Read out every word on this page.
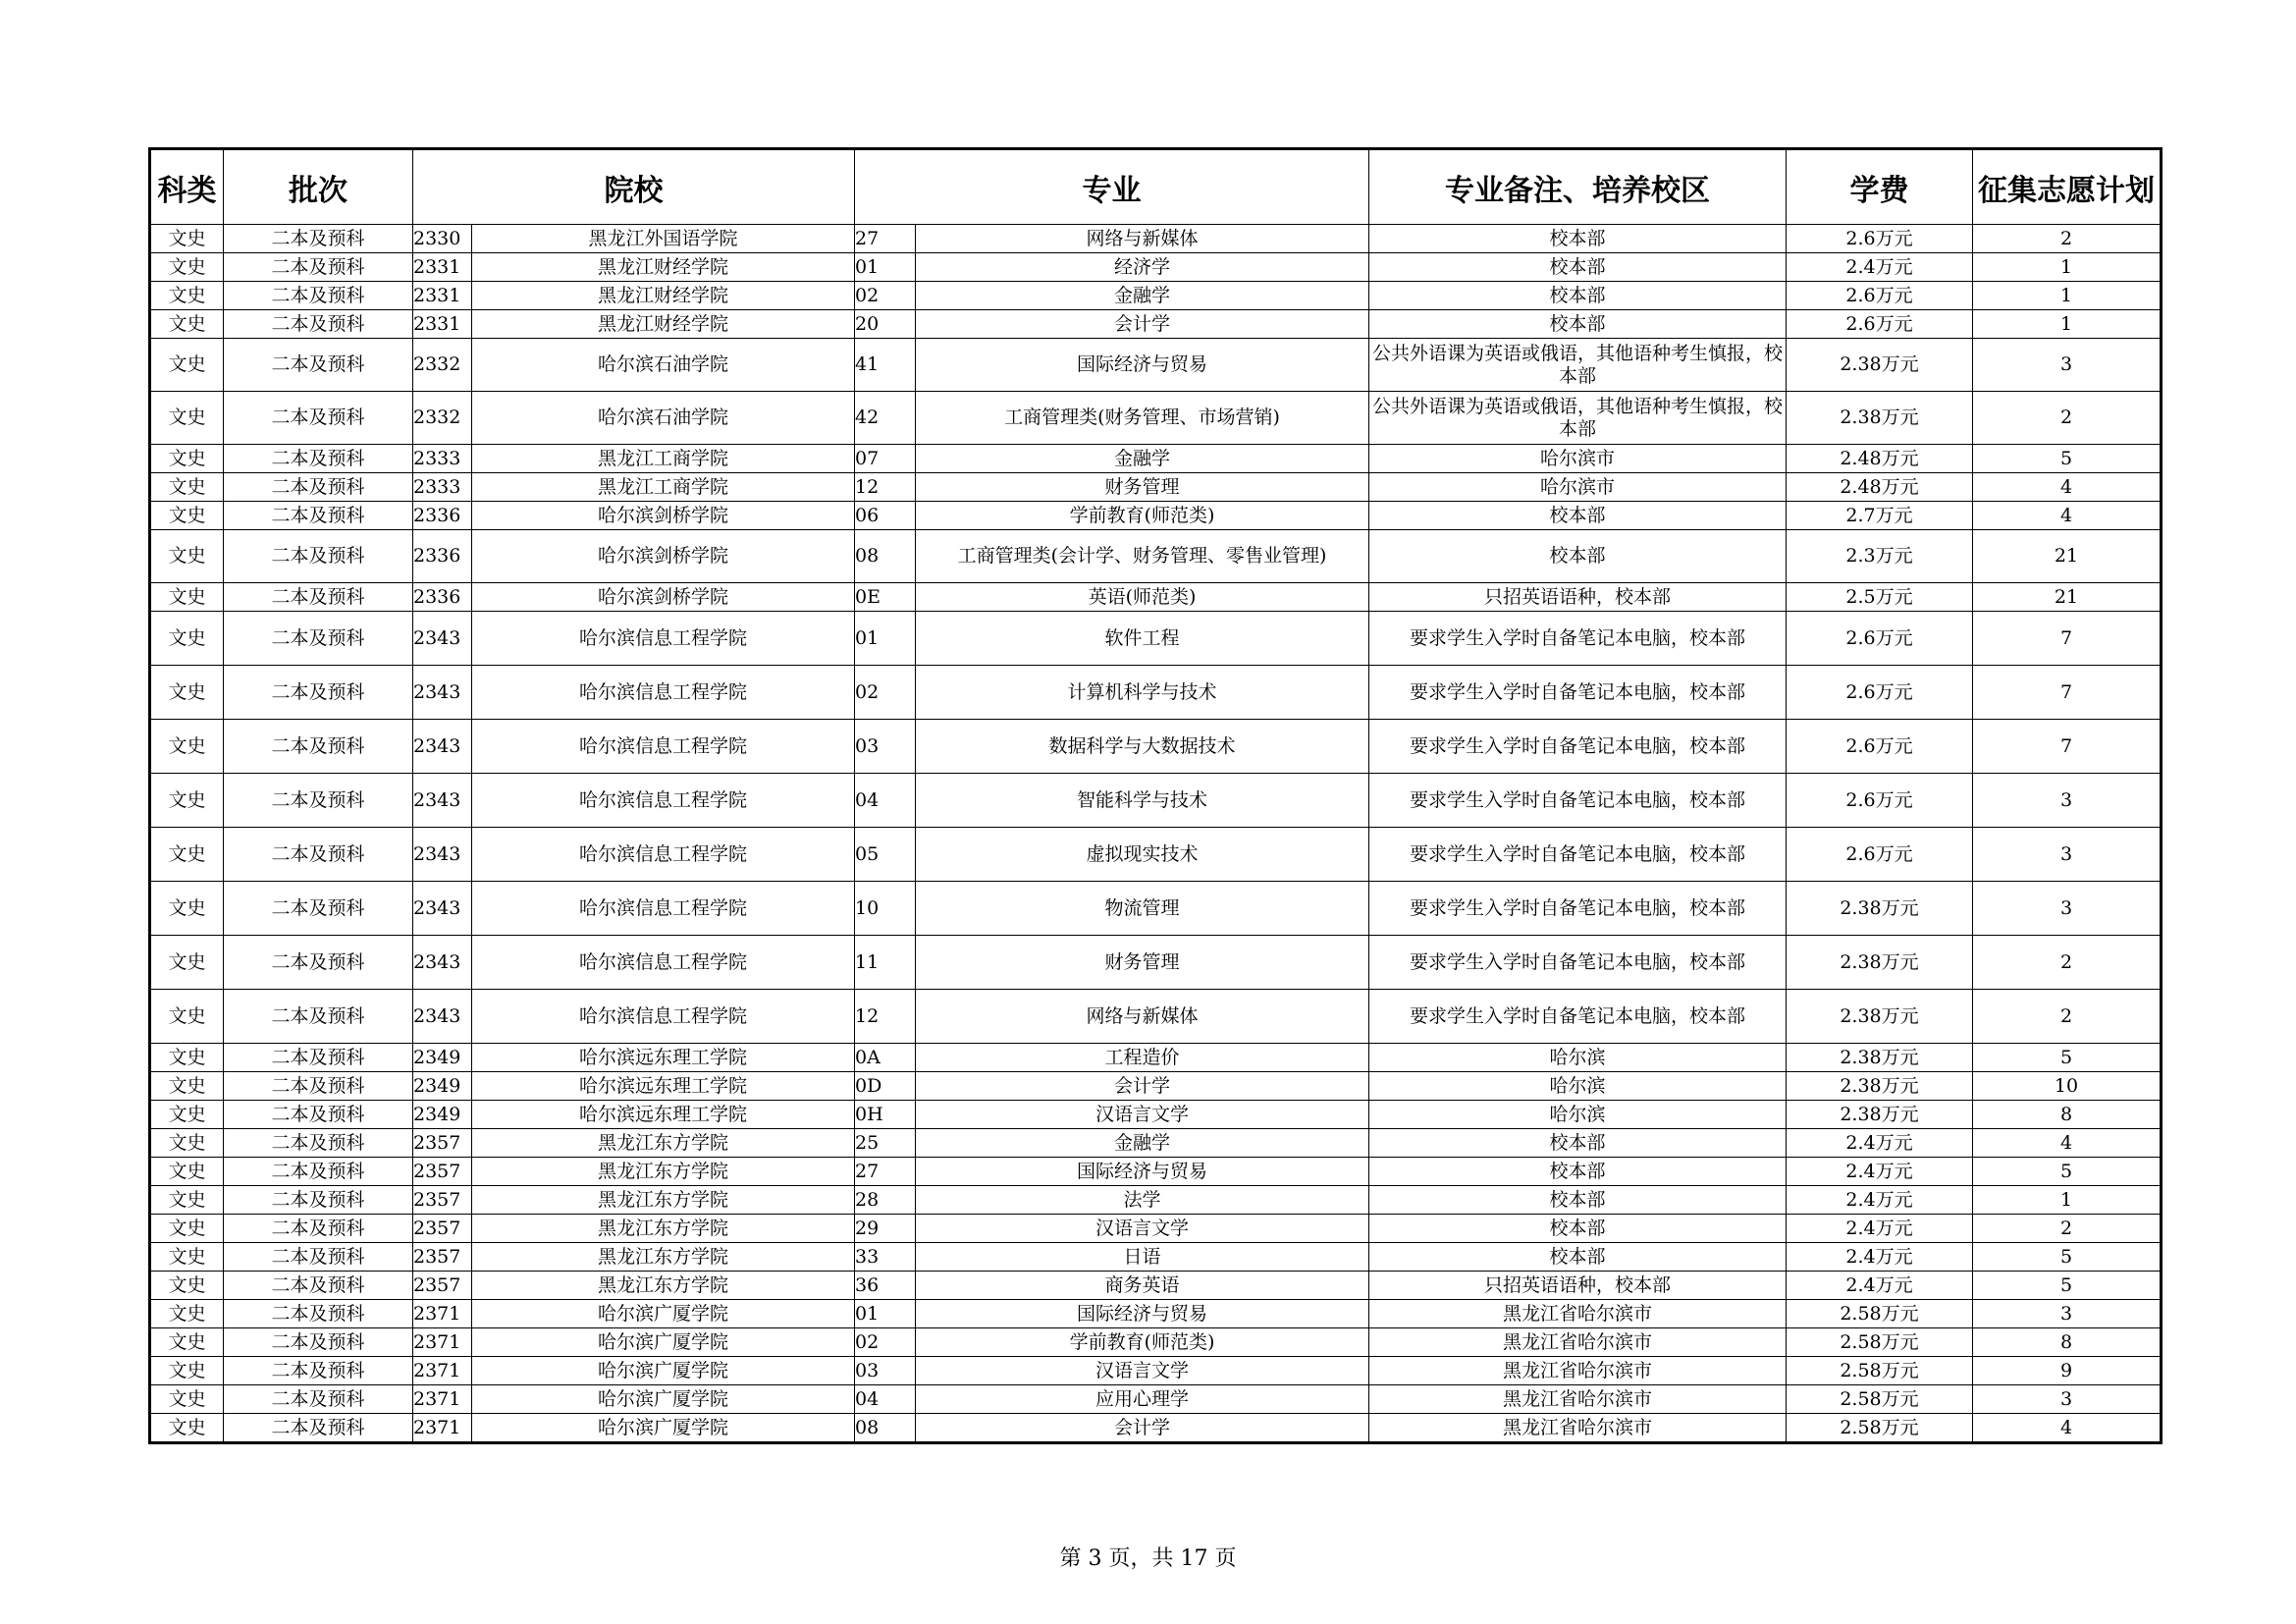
科类	批次	院校		专业		专业备注、培养校区	学费	征集志愿计划
文史	二本及预科	2330	黑龙江外国语学院	27	网络与新媒体	校本部	2.6万元	2
文史	二本及预科	2331	黑龙江财经学院	01	经济学	校本部	2.4万元	1
文史	二本及预科	2331	黑龙江财经学院	02	金融学	校本部	2.6万元	1
文史	二本及预科	2331	黑龙江财经学院	20	会计学	校本部	2.6万元	1
文史	二本及预科	2332	哈尔滨石油学院	41	国际经济与贸易	公共外语课为英语或俄语，其他语种考生慎报，校本部	2.38万元	3
文史	二本及预科	2332	哈尔滨石油学院	42	工商管理类(财务管理、市场营销)	公共外语课为英语或俄语，其他语种考生慎报，校本部	2.38万元	2
文史	二本及预科	2333	黑龙江工商学院	07	金融学	哈尔滨市	2.48万元	5
文史	二本及预科	2333	黑龙江工商学院	12	财务管理	哈尔滨市	2.48万元	4
文史	二本及预科	2336	哈尔滨剑桥学院	06	学前教育(师范类)	校本部	2.7万元	4
文史	二本及预科	2336	哈尔滨剑桥学院	08	工商管理类(会计学、财务管理、零售业管理)	校本部	2.3万元	21
文史	二本及预科	2336	哈尔滨剑桥学院	0E	英语(师范类)	只招英语语种，校本部	2.5万元	21
文史	二本及预科	2343	哈尔滨信息工程学院	01	软件工程	要求学生入学时自备笔记本电脑，校本部	2.6万元	7
文史	二本及预科	2343	哈尔滨信息工程学院	02	计算机科学与技术	要求学生入学时自备笔记本电脑，校本部	2.6万元	7
文史	二本及预科	2343	哈尔滨信息工程学院	03	数据科学与大数据技术	要求学生入学时自备笔记本电脑，校本部	2.6万元	7
文史	二本及预科	2343	哈尔滨信息工程学院	04	智能科学与技术	要求学生入学时自备笔记本电脑，校本部	2.6万元	3
文史	二本及预科	2343	哈尔滨信息工程学院	05	虚拟现实技术	要求学生入学时自备笔记本电脑，校本部	2.6万元	3
文史	二本及预科	2343	哈尔滨信息工程学院	10	物流管理	要求学生入学时自备笔记本电脑，校本部	2.38万元	3
文史	二本及预科	2343	哈尔滨信息工程学院	11	财务管理	要求学生入学时自备笔记本电脑，校本部	2.38万元	2
文史	二本及预科	2343	哈尔滨信息工程学院	12	网络与新媒体	要求学生入学时自备笔记本电脑，校本部	2.38万元	2
文史	二本及预科	2349	哈尔滨远东理工学院	0A	工程造价	哈尔滨	2.38万元	5
文史	二本及预科	2349	哈尔滨远东理工学院	0D	会计学	哈尔滨	2.38万元	10
文史	二本及预科	2349	哈尔滨远东理工学院	0H	汉语言文学	哈尔滨	2.38万元	8
文史	二本及预科	2357	黑龙江东方学院	25	金融学	校本部	2.4万元	4
文史	二本及预科	2357	黑龙江东方学院	27	国际经济与贸易	校本部	2.4万元	5
文史	二本及预科	2357	黑龙江东方学院	28	法学	校本部	2.4万元	1
文史	二本及预科	2357	黑龙江东方学院	29	汉语言文学	校本部	2.4万元	2
文史	二本及预科	2357	黑龙江东方学院	33	日语	校本部	2.4万元	5
文史	二本及预科	2357	黑龙江东方学院	36	商务英语	只招英语语种，校本部	2.4万元	5
文史	二本及预科	2371	哈尔滨广厦学院	01	国际经济与贸易	黑龙江省哈尔滨市	2.58万元	3
文史	二本及预科	2371	哈尔滨广厦学院	02	学前教育(师范类)	黑龙江省哈尔滨市	2.58万元	8
文史	二本及预科	2371	哈尔滨广厦学院	03	汉语言文学	黑龙江省哈尔滨市	2.58万元	9
文史	二本及预科	2371	哈尔滨广厦学院	04	应用心理学	黑龙江省哈尔滨市	2.58万元	3
文史	二本及预科	2371	哈尔滨广厦学院	08	会计学	黑龙江省哈尔滨市	2.58万元	4
第 3 页，共 17 页
